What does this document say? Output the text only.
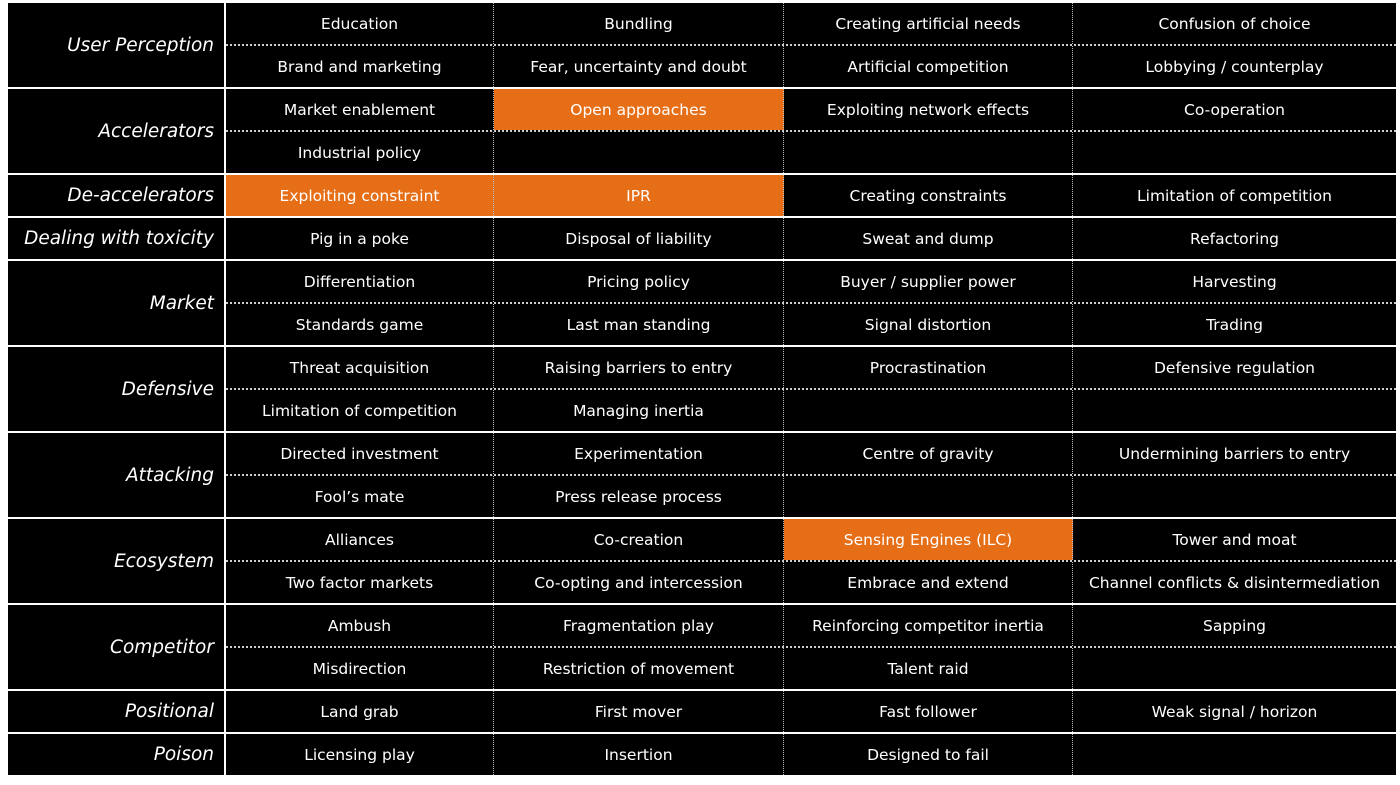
User Perception
Education	Bundling	Creating artificial needs	Confusion of choice
Brand and marketing	Fear, uncertainty and doubt	Artificial competition	Lobbying / counterplay
Accelerators
Market enablement	Open approaches	Exploiting network effects	Co-operation
Industrial policy
De-accelerators	Exploiting constraint	IPR	Creating constraints	Limitation of competition
Dealing with toxicity	Pig in a poke	Disposal of liability	Sweat and dump	Refactoring
Market
Differentiation	Pricing policy	Buyer / supplier power	Harvesting
Standards game	Last man standing	Signal distortion	Trading
Defensive
Threat acquisition	Raising barriers to entry	Procrastination	Defensive regulation
Limitation of competition	Managing inertia
Attacking
Directed investment	Experimentation	Centre of gravity	Undermining barriers to entry
Fool’s mate	Press release process
Ecosystem
Alliances	Co-creation	Sensing Engines (ILC)	Tower and moat
Two factor markets	Co-opting and intercession	Embrace and extend	Channel conflicts & disintermediation
Competitor
Ambush	Fragmentation play	Reinforcing competitor inertia	Sapping
Misdirection	Restriction of movement	Talent raid
Positional	Land grab	First mover	Fast follower	Weak signal / horizon
Poison	Licensing play	Insertion	Designed to fail
